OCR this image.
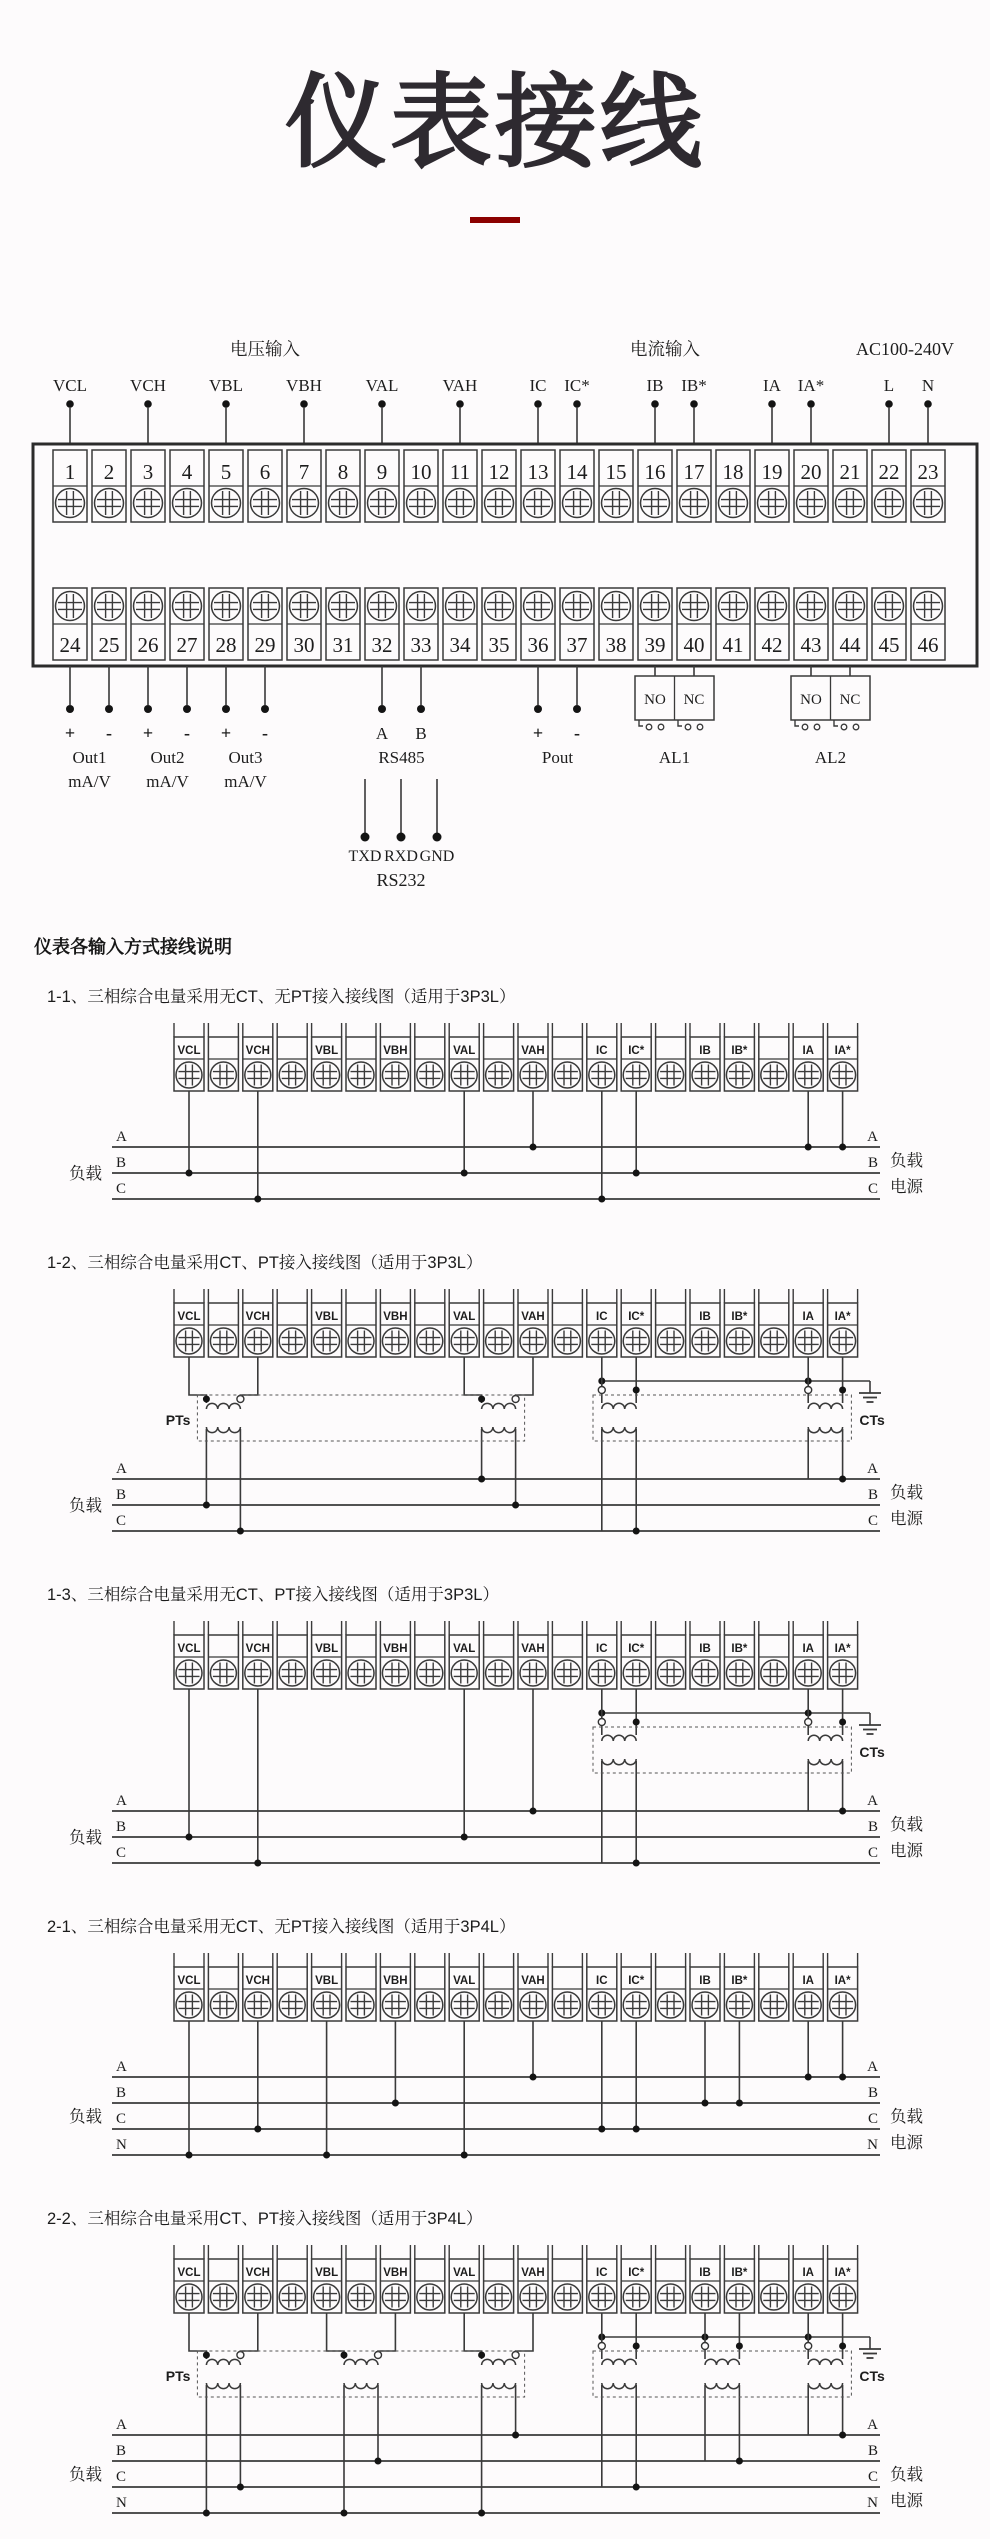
仪表接线
电压输入	电流输入	AC100-240V
VCL	VCH	VBL	VBH	VAL	VAH	IC IC*	IB IB*	IA IA*	L N
1 2 3 4 5 6 7 8 9 10 11 12 13 14 15 16 17 18 19 20 21 22 23
24 25 26 27 28 29 30 31 32 33 34 35 36 37 38 39 40 41 42 43 44 45 46
+ -
Out1
mA/V
+ -
Out2
mA/V
+ -
Out3
mA/V
A B
RS485
+ -
Pout
NO NC
AL1
NO NC
AL2
TXD RXD GND
RS232
仪表各输入方式接线说明
1-1、三相综合电量采用无CT、无PT接入接线图（适用于3P3L）
VCL	VCH	VBL	VBH	VAL	VAH	IC IC*	IB IB*	IA IA*
A	A
B	B
C	C
负载
负载
电源
1-2、三相综合电量采用CT、PT接入接线图（适用于3P3L）
VCL	VCH	VBL	VBH	VAL	VAH	IC IC*	IB IB*	IA IA*
A	A
B	B
C	C
负载
负载
电源
PTs	CTs
1-3、三相综合电量采用无CT、PT接入接线图（适用于3P3L）
VCL	VCH	VBL	VBH	VAL	VAH	IC IC*	IB IB*	IA IA*
A	A
B	B
C	C
负载
负载
电源
CTs
2-1、三相综合电量采用无CT、无PT接入接线图（适用于3P4L）
VCL	VCH	VBL	VBH	VAL	VAH	IC IC*	IB IB*	IA IA*
A	A
B	B
C	C
N	N
负载	负载
电源
2-2、三相综合电量采用CT、PT接入接线图（适用于3P4L）
VCL	VCH	VBL	VBH	VAL	VAH	IC IC*	IB IB*	IA IA*
A	A
B	B
C	C
N	N
负载	负载
电源
PTs	CTs
